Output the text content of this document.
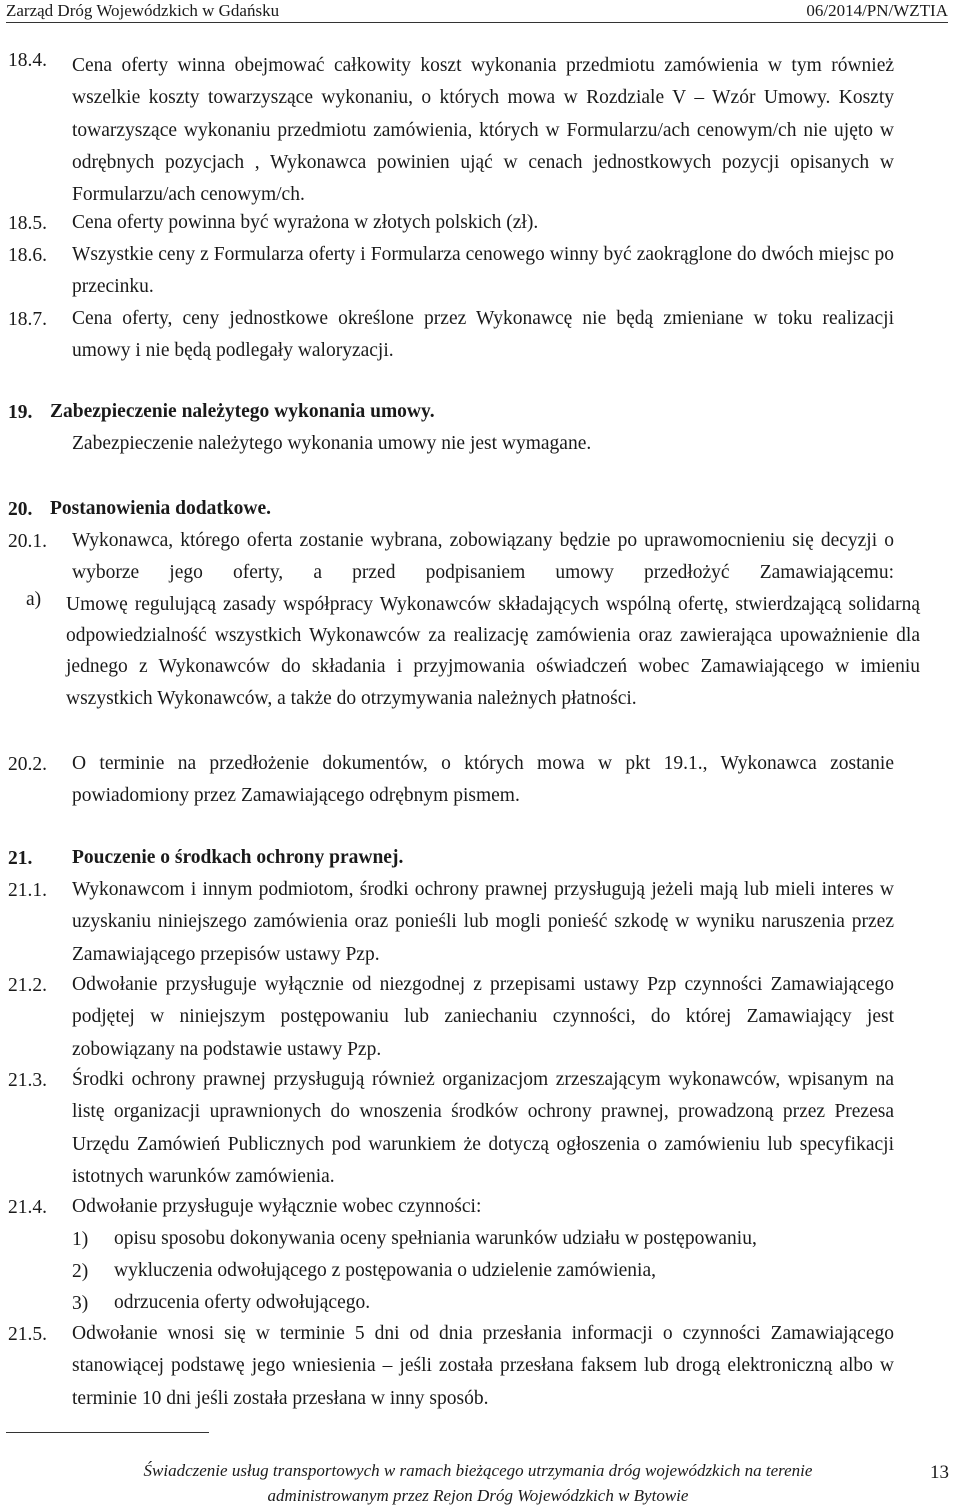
Zarząd Dróg Wojewódzkich w Gdańsku	06/2014/PN/WZTIA
18.4. Cena oferty winna obejmować całkowity koszt wykonania przedmiotu zamówienia w tym również wszelkie koszty towarzyszące wykonaniu, o których mowa w Rozdziale V – Wzór Umowy. Koszty towarzyszące wykonaniu przedmiotu zamówienia, których w Formularzu/ach cenowym/ch nie ujęto w odrębnych pozycjach , Wykonawca powinien ująć w cenach jednostkowych pozycji opisanych w Formularzu/ach cenowym/ch.

18.5. Cena oferty powinna być wyrażona w złotych polskich (zł).
18.6. Wszystkie ceny z Formularza oferty i Formularza cenowego winny być zaokrąglone do dwóch miejsc po przecinku.

18.7. Cena oferty, ceny jednostkowe określone przez Wykonawcę nie będą zmieniane w toku realizacji umowy i nie będą podlegały waloryzacji.

19. Zabezpieczenie należytego wykonania umowy.
Zabezpieczenie należytego wykonania umowy nie jest wymagane.
20. Postanowienia dodatkowe.
20.1. Wykonawca, którego oferta zostanie wybrana, zobowiązany będzie po uprawomocnieniu się decyzji o wyborze jego oferty, a przed podpisaniem umowy przedłożyć Zamawiającemu:

a) Umowę regulującą zasady współpracy Wykonawców składających wspólną ofertę, stwierdzającą solidarną odpowiedzialność wszystkich Wykonawców za realizację zamówienia oraz zawierająca upoważnienie dla jednego z Wykonawców do składania i przyjmowania oświadczeń wobec Zamawiającego w imieniu wszystkich Wykonawców, a także do otrzymywania należnych płatności.

20.2. O terminie na przedłożenie dokumentów, o których mowa w pkt 19.1., Wykonawca zostanie powiadomiony przez Zamawiającego odrębnym pismem.

21. Pouczenie o środkach ochrony prawnej.
21.1. Wykonawcom i innym podmiotom, środki ochrony prawnej przysługują jeżeli mają lub mieli interes w uzyskaniu niniejszego zamówienia oraz ponieśli lub mogli ponieść szkodę w wyniku naruszenia przez Zamawiającego przepisów ustawy Pzp.

21.2. Odwołanie przysługuje wyłącznie od niezgodnej z przepisami ustawy Pzp czynności Zamawiającego podjętej w niniejszym postępowaniu lub zaniechaniu czynności, do której Zamawiający jest zobowiązany na podstawie ustawy Pzp.

21.3. Środki ochrony prawnej przysługują również organizacjom zrzeszającym wykonawców, wpisanym na listę organizacji uprawnionych do wnoszenia środków ochrony prawnej, prowadzoną przez Prezesa Urzędu Zamówień Publicznych pod warunkiem że dotyczą ogłoszenia o zamówieniu lub specyfikacji istotnych warunków zamówienia.

21.4. Odwołanie przysługuje wyłącznie wobec czynności:
1) opisu sposobu dokonywania oceny spełniania warunków udziału w postępowaniu,
2) wykluczenia odwołującego z postępowania o udzielenie zamówienia,
3) odrzucenia oferty odwołującego.
21.5. Odwołanie wnosi się w terminie 5 dni od dnia przesłania informacji o czynności Zamawiającego stanowiącej podstawę jego wniesienia – jeśli została przesłana faksem lub drogą elektroniczną albo w terminie 10 dni jeśli została przesłana w inny sposób.

Świadczenie usług transportowych w ramach bieżącego utrzymania dróg wojewódzkich na terenie
administrowanym przez Rejon Dróg Wojewódzkich w Bytowie
13
